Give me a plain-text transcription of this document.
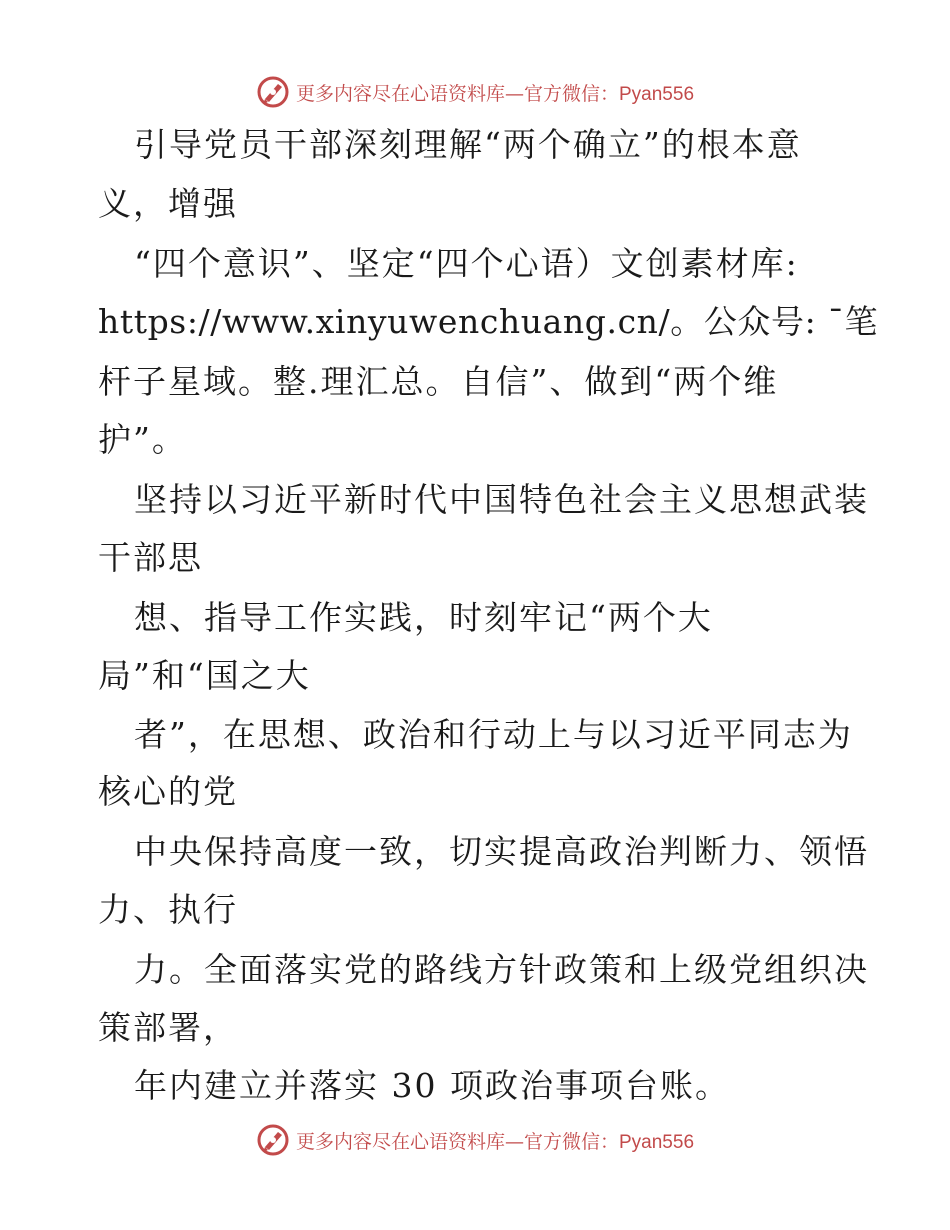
更多内容尽在心语资料库—官方微信：Pyan556
引导党员干部深刻理解“两个确立”的根本意
义，增强
“四个意识”、坚定“四个心语）文创素材库:
https://www.xinyuwenchuang.cn/。公众号: ¯笔
杆子星域。整.理汇总。自信”、做到“两个维
护”。
坚持以习近平新时代中国特色社会主义思想武装
干部思
想、指导工作实践，时刻牢记“两个大
局”和“国之大
者”，在思想、政治和行动上与以习近平同志为
核心的党
中央保持高度一致，切实提高政治判断力、领悟
力、执行
力。全面落实党的路线方针政策和上级党组织决
策部署，
年内建立并落实 30 项政治事项台账。
更多内容尽在心语资料库—官方微信：Pyan556
